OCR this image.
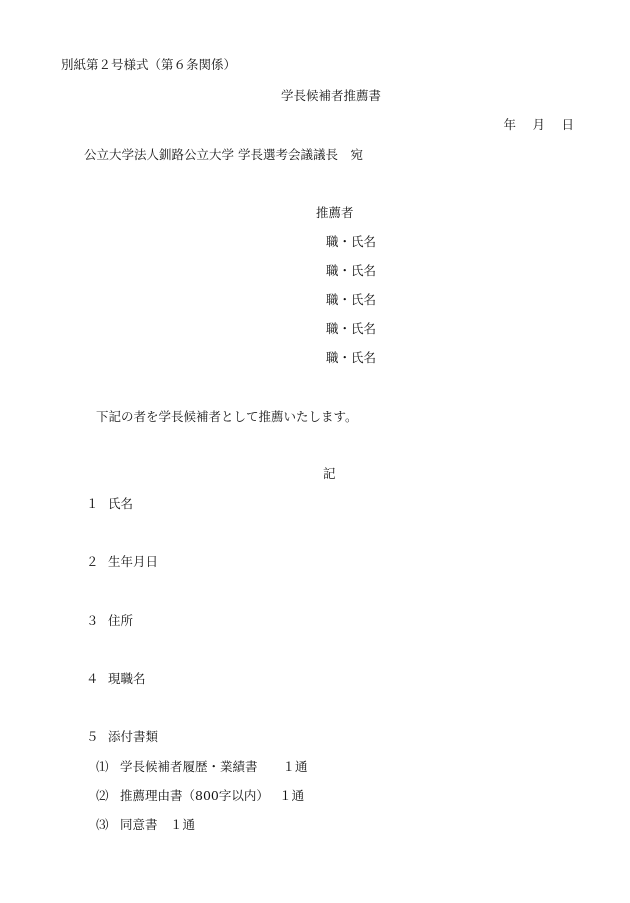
別紙第２号様式（第６条関係）
学長候補者推薦書
年　 月　 日
公立大学法人釧路公立大学 学長選考会議議長　宛
推薦者
職・氏名
職・氏名
職・氏名
職・氏名
職・氏名
下記の者を学長候補者として推薦いたします。
記
１ 氏名
２ 生年月日
３ 住所
４ 現職名
５ 添付書類
⑴ 学長候補者履歴・業績書　　１通
⑵ 推薦理由書（800字以内）　 １通
⑶ 同意書　１通
